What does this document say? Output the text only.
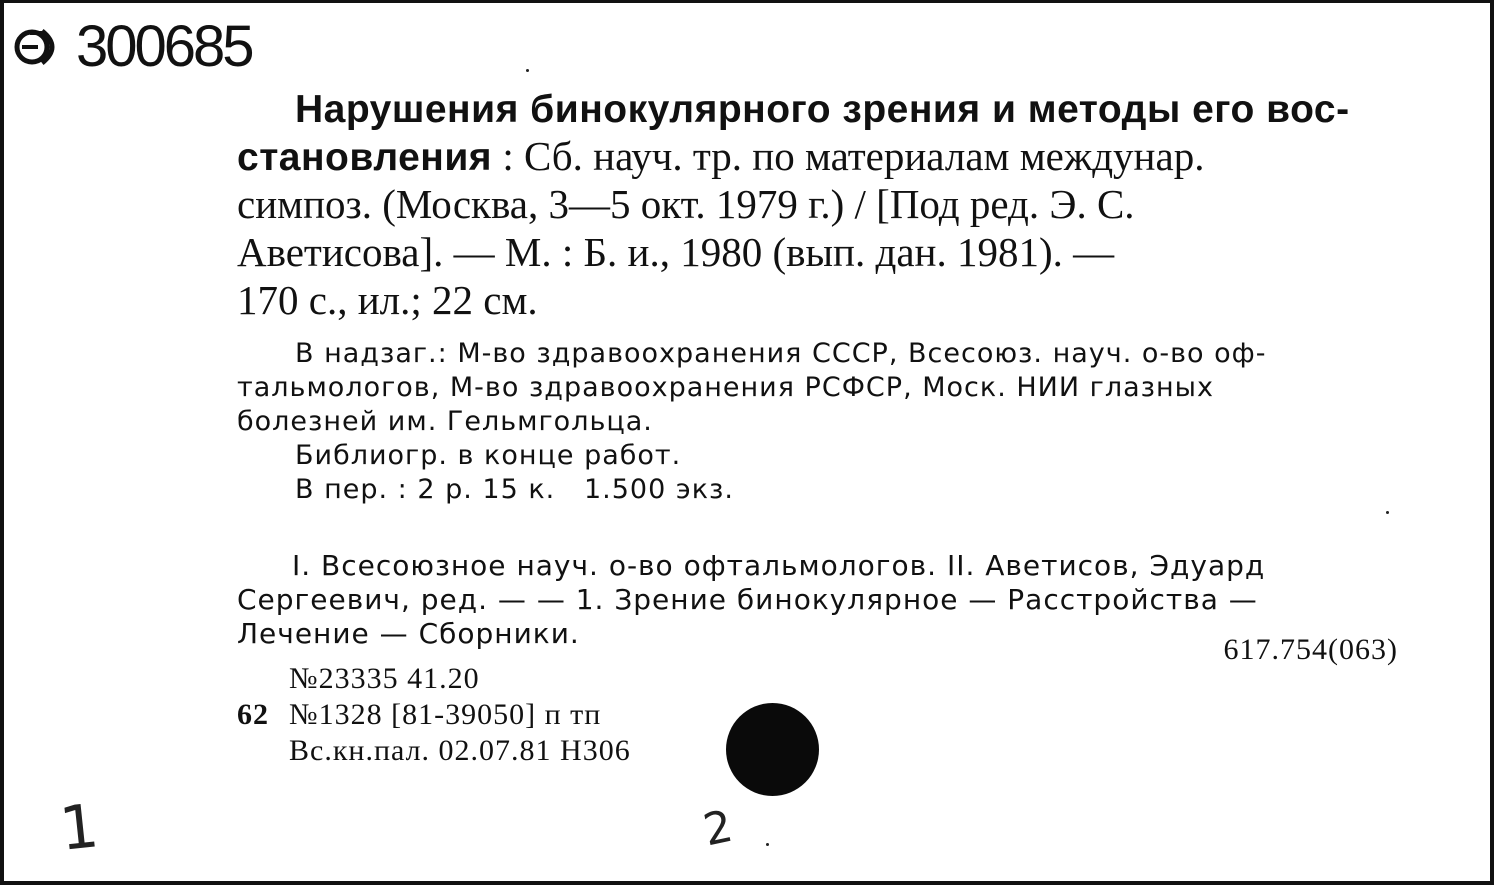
300685
Нарушения бинокулярного зрения и методы его вос-
становления : Сб. науч. тр. по материалам междунар.
симпоз. (Москва, 3—5 окт. 1979 г.) / [Под ред. Э. С.
Аветисова]. — М. : Б. и., 1980 (вып. дан. 1981). —
170 с., ил.; 22 см.
В надзаг.: М-во здравоохранения СССР, Всесоюз. науч. о-во оф-
тальмологов, М-во здравоохранения РСФСР, Моск. НИИ глазных
болезней им. Гельмгольца.
Библиогр. в конце работ.
В пер. : 2 р. 15 к.   1.500 экз.
I. Всесоюзное науч. о-во офтальмологов. II. Аветисов, Эдуард
Сергеевич, ред. — — 1. Зрение бинокулярное — Расстройства —
Лечение — Сборники.	617.754(063)
№23335 41.20
62 №1328 [81-39050] п тп
Вс.кн.пал. 02.07.81 Н306
1	2
